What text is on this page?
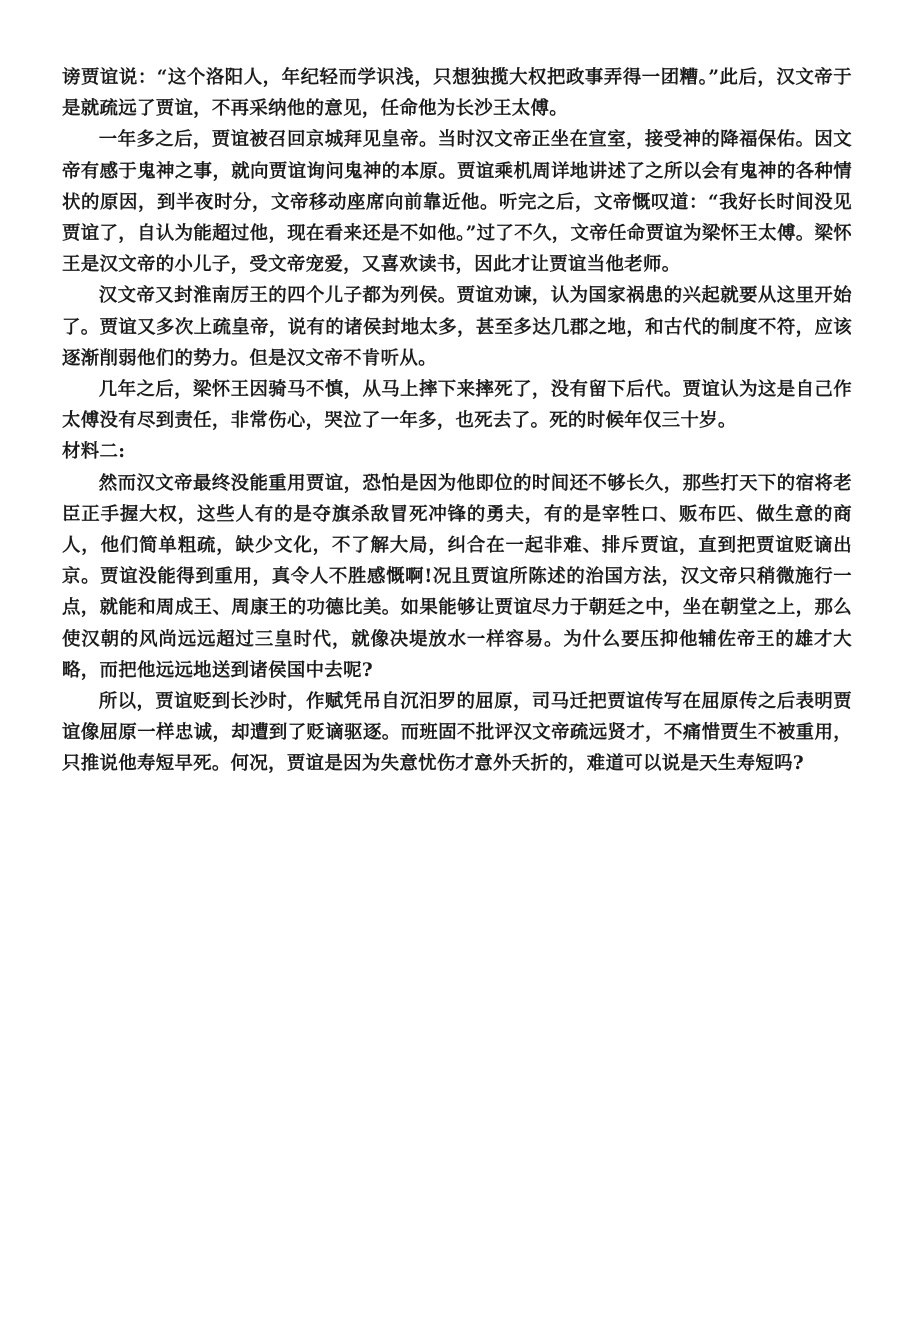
谤贾谊说：“这个洛阳人，年纪轻而学识浅，只想独揽大权把政事弄得一团糟。”此后，汉文帝于是就疏远了贾谊，不再采纳他的意见，任命他为长沙王太傅。

一年多之后，贾谊被召回京城拜见皇帝。当时汉文帝正坐在宣室，接受神的降福保佑。因文帝有感于鬼神之事，就向贾谊询问鬼神的本原。贾谊乘机周详地讲述了之所以会有鬼神的各种情状的原因，到半夜时分，文帝移动座席向前靠近他。听完之后，文帝慨叹道：“我好长时间没见贾谊了，自认为能超过他，现在看来还是不如他。”过了不久，文帝任命贾谊为梁怀王太傅。梁怀王是汉文帝的小儿子，受文帝宠爱，又喜欢读书，因此才让贾谊当他老师。

汉文帝又封淮南厉王的四个儿子都为列侯。贾谊劝谏，认为国家祸患的兴起就要从这里开始了。贾谊又多次上疏皇帝，说有的诸侯封地太多，甚至多达几郡之地，和古代的制度不符，应该逐渐削弱他们的势力。但是汉文帝不肯听从。

几年之后，梁怀王因骑马不慎，从马上摔下来摔死了，没有留下后代。贾谊认为这是自己作太傅没有尽到责任，非常伤心，哭泣了一年多，也死去了。死的时候年仅三十岁。

材料二:

然而汉文帝最终没能重用贾谊，恐怕是因为他即位的时间还不够长久，那些打天下的宿将老臣正手握大权，这些人有的是夺旗杀敌冒死冲锋的勇夫，有的是宰牲口、贩布匹、做生意的商人，他们简单粗疏，缺少文化，不了解大局，纠合在一起非难、排斥贾谊，直到把贾谊贬谪出京。贾谊没能得到重用，真令人不胜感慨啊!况且贾谊所陈述的治国方法，汉文帝只稍微施行一点，就能和周成王、周康王的功德比美。如果能够让贾谊尽力于朝廷之中，坐在朝堂之上，那么使汉朝的风尚远远超过三皇时代，就像决堤放水一样容易。为什么要压抑他辅佐帝王的雄才大略，而把他远远地送到诸侯国中去呢?

所以，贾谊贬到长沙时，作赋凭吊自沉汨罗的屈原，司马迁把贾谊传写在屈原传之后表明贾谊像屈原一样忠诚，却遭到了贬谪驱逐。而班固不批评汉文帝疏远贤才，不痛惜贾生不被重用，只推说他寿短早死。何况，贾谊是因为失意忧伤才意外夭折的，难道可以说是天生寿短吗?
